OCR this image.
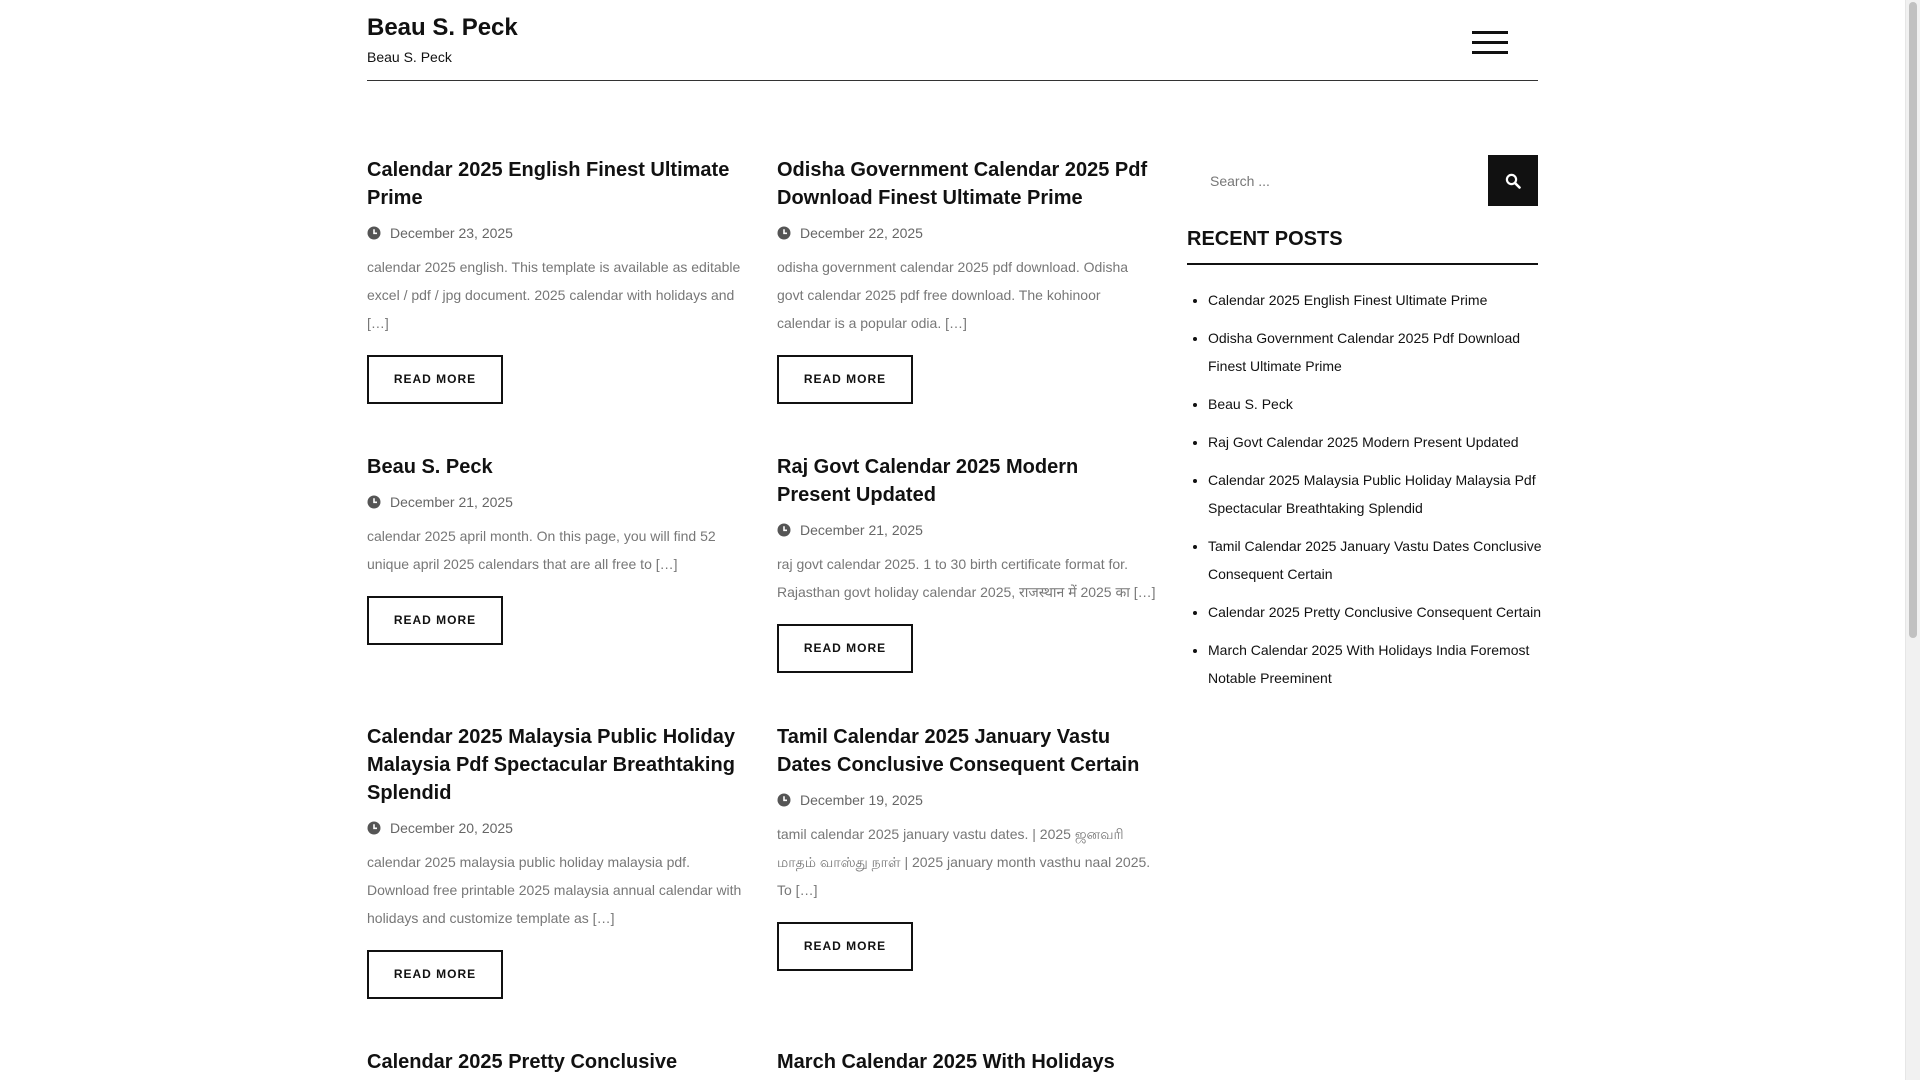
Beau S. Peck
Beau S. Peck
Calendar 2025 English Finest Ultimate Prime
December 23, 2025

calendar 2025 english. This template is available as editable excel / pdf / jpg document. 2025 calendar with holidays and […]

READ MORE
Odisha Government Calendar 2025 Pdf Download Finest Ultimate Prime
December 22, 2025

odisha government calendar 2025 pdf download. Odisha govt calendar 2025 pdf free download. The kohinoor calendar is a popular odia. […]

READ MORE
Beau S. Peck
December 21, 2025

calendar 2025 april month. On this page, you will find 52 unique april 2025 calendars that are all free to […]

READ MORE
Raj Govt Calendar 2025 Modern Present Updated
December 21, 2025

raj govt calendar 2025. 1 to 30 birth certificate format for. Rajasthan govt holiday calendar 2025, राजस्थान में 2025 का […]

READ MORE
Calendar 2025 Malaysia Public Holiday Malaysia Pdf Spectacular Breathtaking Splendid
December 20, 2025

calendar 2025 malaysia public holiday malaysia pdf. Download free printable 2025 malaysia annual calendar with holidays and customize template as […]

READ MORE
Tamil Calendar 2025 January Vastu Dates Conclusive Consequent Certain
December 19, 2025

tamil calendar 2025 january vastu dates. | 2025 ஜனவரி மாதம் வாஸ்து நாள் | 2025 january month vasthu naal 2025. To […]

READ MORE
Calendar 2025 Pretty Conclusive	March Calendar 2025 With Holidays
Search ...
RECENT POSTS
• Calendar 2025 English Finest Ultimate Prime
• Odisha Government Calendar 2025 Pdf Download Finest Ultimate Prime
• Beau S. Peck
• Raj Govt Calendar 2025 Modern Present Updated
• Calendar 2025 Malaysia Public Holiday Malaysia Pdf Spectacular Breathtaking Splendid
• Tamil Calendar 2025 January Vastu Dates Conclusive Consequent Certain
• Calendar 2025 Pretty Conclusive Consequent Certain
• March Calendar 2025 With Holidays India Foremost Notable Preeminent
